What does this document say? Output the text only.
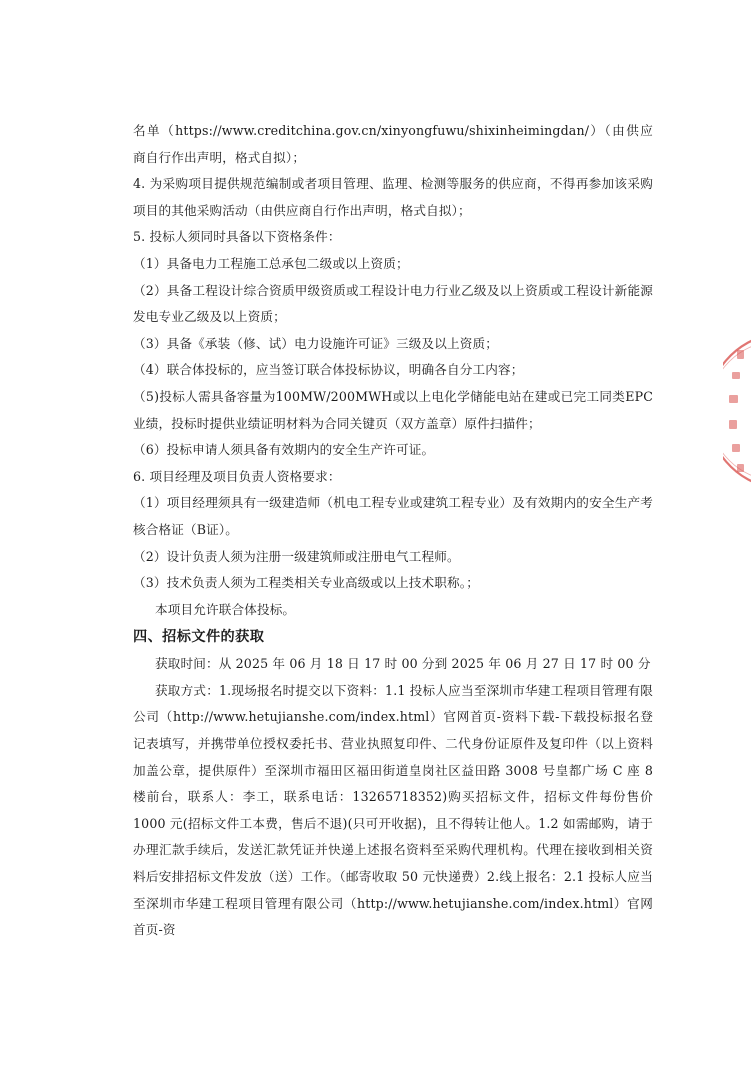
名单（https://www.creditchina.gov.cn/xinyongfuwu/shixinheimingdan/）（由供应商自行作出声明，格式自拟）；

4. 为采购项目提供规范编制或者项目管理、监理、检测等服务的供应商，不得再参加该采购项目的其他采购活动（由供应商自行作出声明，格式自拟）；

5. 投标人须同时具备以下资格条件：

（1）具备电力工程施工总承包二级或以上资质；

（2）具备工程设计综合资质甲级资质或工程设计电力行业乙级及以上资质或工程设计新能源发电专业乙级及以上资质；

（3）具备《承装（修、试）电力设施许可证》三级及以上资质；

（4）联合体投标的，应当签订联合体投标协议，明确各自分工内容；

（5)投标人需具备容量为100MW/200MWH或以上电化学储能电站在建或已完工同类EPC业绩，投标时提供业绩证明材料为合同关键页（双方盖章）原件扫描件；

（6）投标申请人须具备有效期内的安全生产许可证。

6. 项目经理及项目负责人资格要求：

（1）项目经理须具有一级建造师（机电工程专业或建筑工程专业）及有效期内的安全生产考核合格证（B证）。

（2）设计负责人须为注册一级建筑师或注册电气工程师。

（3）技术负责人须为工程类相关专业高级或以上技术职称。；

本项目允许联合体投标。

四、招标文件的获取

获取时间：从 2025 年 06 月 18 日 17 时 00 分到 2025 年 06 月 27 日 17 时 00 分

获取方式：1.现场报名时提交以下资料：1.1 投标人应当至深圳市华建工程项目管理有限公司（http://www.hetujianshe.com/index.html）官网首页-资料下载-下载投标报名登记表填写，并携带单位授权委托书、营业执照复印件、二代身份证原件及复印件（以上资料加盖公章，提供原件）至深圳市福田区福田街道皇岗社区益田路 3008 号皇都广场 C 座 8 楼前台，联系人：李工，联系电话：13265718352)购买招标文件，招标文件每份售价 1000 元(招标文件工本费，售后不退)(只可开收据)，且不得转让他人。1.2 如需邮购，请于办理汇款手续后，发送汇款凭证并快递上述报名资料至采购代理机构。代理在接收到相关资料后安排招标文件发放（送）工作。（邮寄收取 50 元快递费）2.线上报名：2.1 投标人应当至深圳市华建工程项目管理有限公司（http://www.hetujianshe.com/index.html）官网首页-资
